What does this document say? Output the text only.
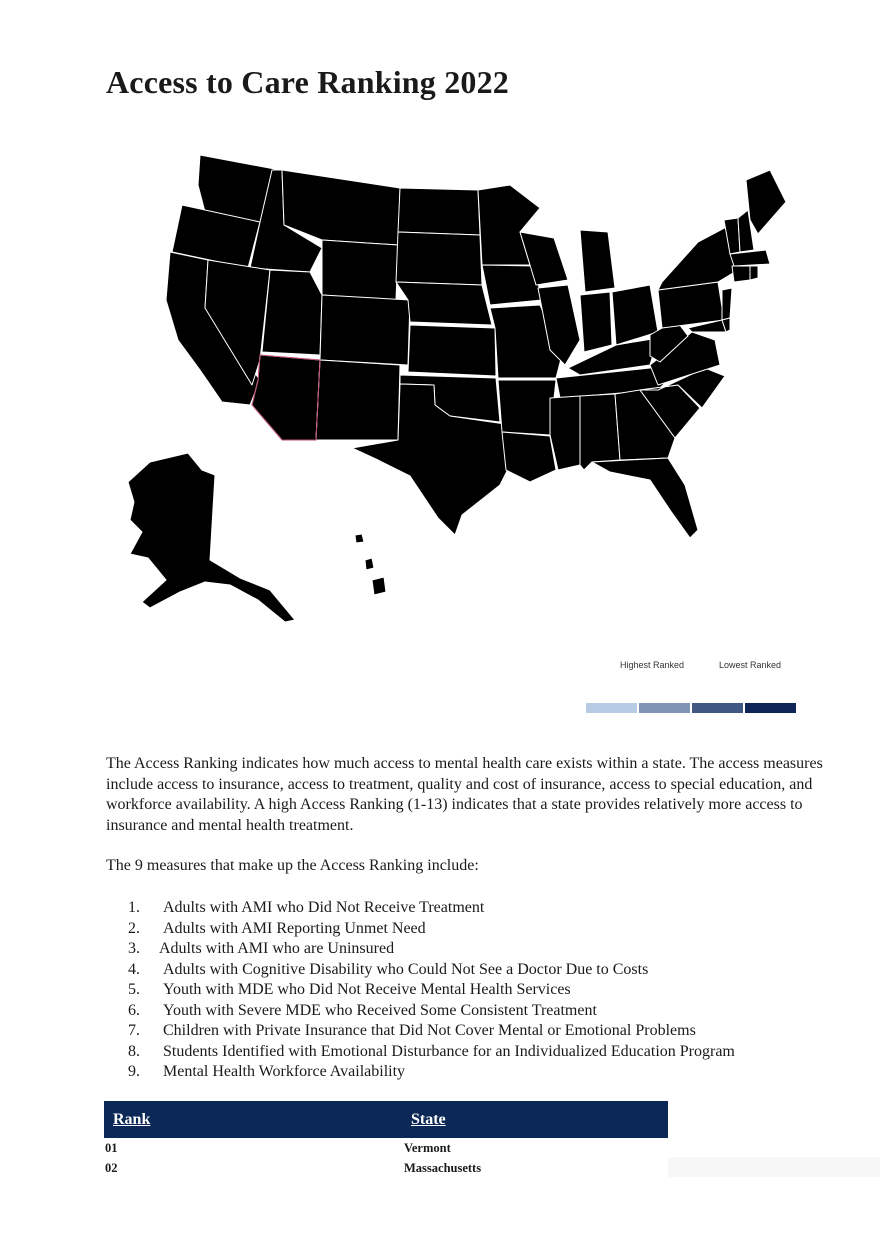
Access to Care Ranking 2022
Highest Ranked	Lowest Ranked

The Access Ranking indicates how much access to mental health care exists within a state. The access measures include access to insurance, access to treatment, quality and cost of insurance, access to special education, and workforce availability. A high Access Ranking (1-13) indicates that a state provides relatively more access to insurance and mental health treatment.

The 9 measures that make up the Access Ranking include:

1. Adults with AMI who Did Not Receive Treatment
2. Adults with AMI Reporting Unmet Need
3. Adults with AMI who are Uninsured
4. Adults with Cognitive Disability who Could Not See a Doctor Due to Costs
5. Youth with MDE who Did Not Receive Mental Health Services
6. Youth with Severe MDE who Received Some Consistent Treatment
7. Children with Private Insurance that Did Not Cover Mental or Emotional Problems
8. Students Identified with Emotional Disturbance for an Individualized Education Program
9. Mental Health Workforce Availability
Rank	State
01	Vermont
02	Massachusetts
